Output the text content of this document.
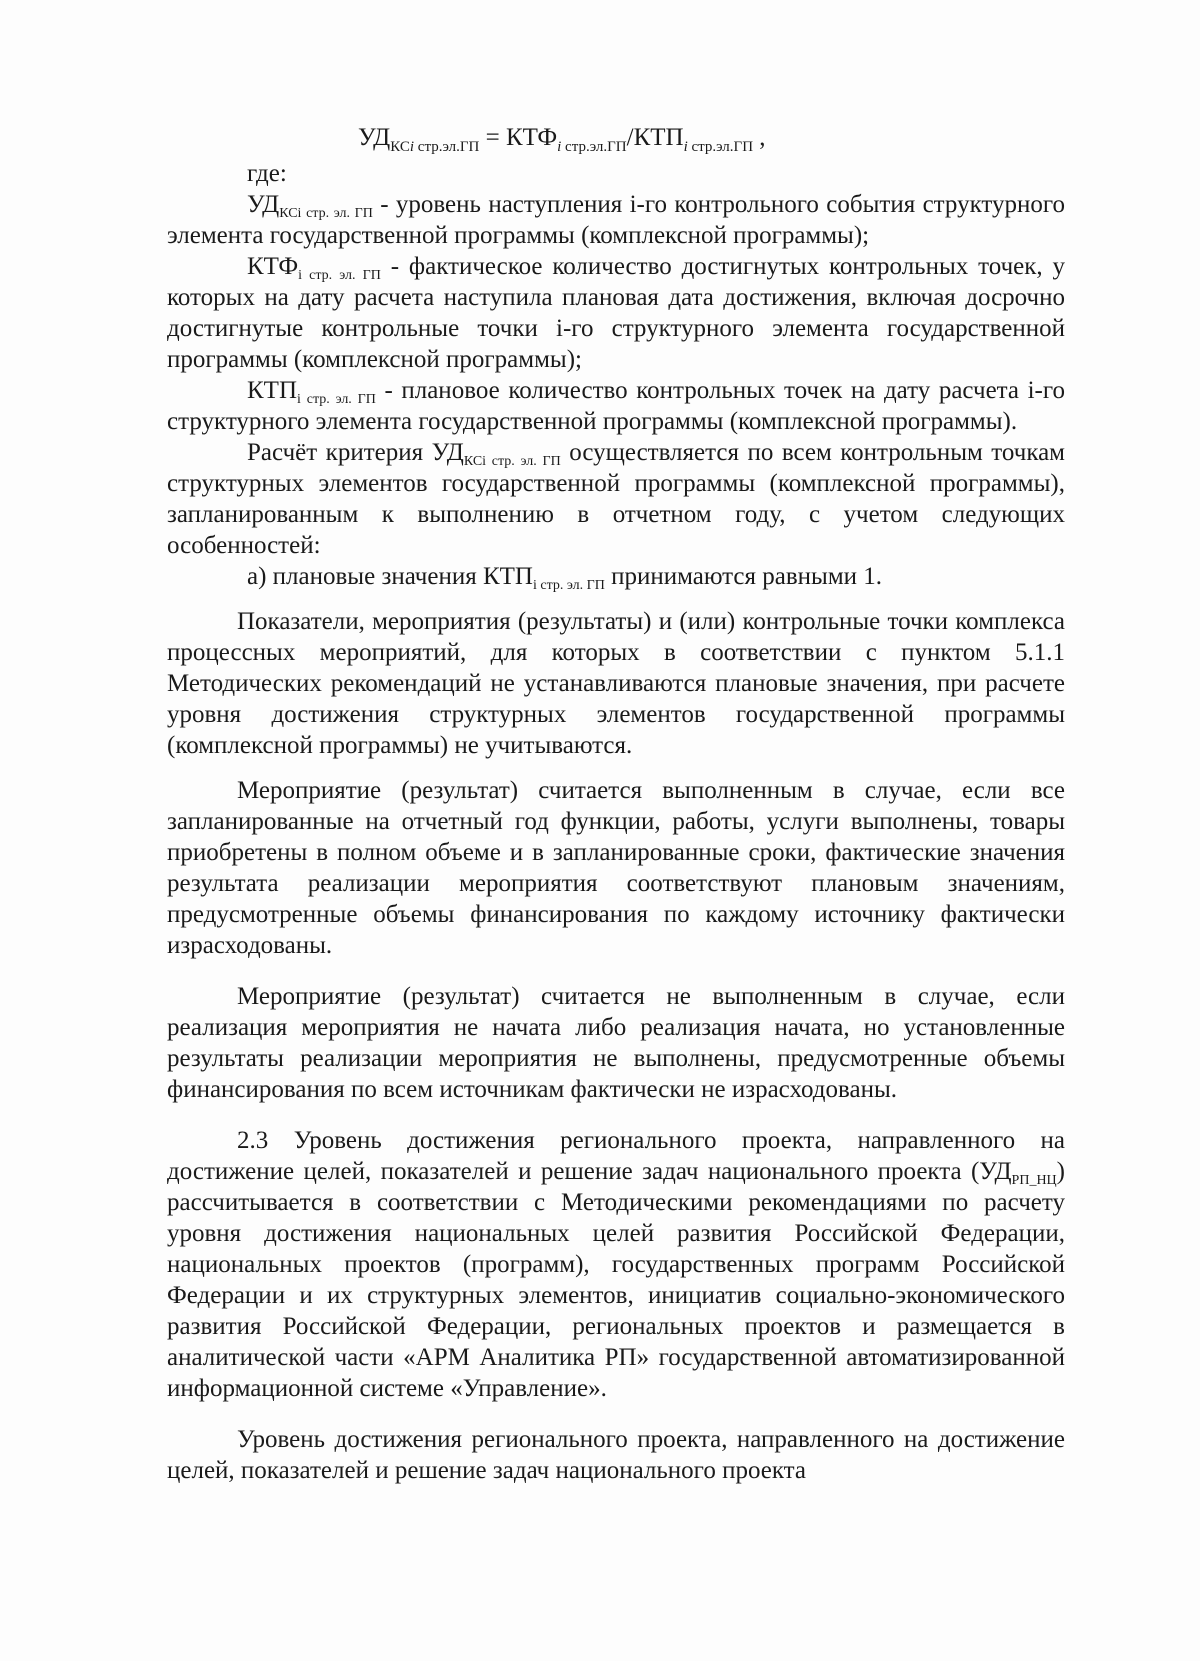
$УД_{КСi стр.эл.ГП} = КТФ_{i стр.эл.ГП}/КТП_{i стр.эл.ГП}$ ,

где:

$УД_{КСi стр. эл. ГП}$ - уровень наступления i-го контрольного события структурного элемента государственной программы (комплексной программы);

$КТФ_{i стр. эл. ГП}$ - фактическое количество достигнутых контрольных точек, у которых на дату расчета наступила плановая дата достижения, включая досрочно достигнутые контрольные точки i-го структурного элемента государственной программы (комплексной программы);

$КТП_{i стр. эл. ГП}$ - плановое количество контрольных точек на дату расчета i-го структурного элемента государственной программы (комплексной программы).

Расчёт критерия $УД_{КСi стр. эл. ГП}$ осуществляется по всем контрольным точкам структурных элементов государственной программы (комплексной программы), запланированным к выполнению в отчетном году, с учетом следующих особенностей:

а) плановые значения $КТП_{i стр. эл. ГП}$ принимаются равными 1.

Показатели, мероприятия (результаты) и (или) контрольные точки комплекса процессных мероприятий, для которых в соответствии с пунктом 5.1.1 Методических рекомендаций не устанавливаются плановые значения, при расчете уровня достижения структурных элементов государственной программы (комплексной программы) не учитываются.

Мероприятие (результат) считается выполненным в случае, если все запланированные на отчетный год функции, работы, услуги выполнены, товары приобретены в полном объеме и в запланированные сроки, фактические значения результата реализации мероприятия соответствуют плановым значениям, предусмотренные объемы финансирования по каждому источнику фактически израсходованы.

Мероприятие (результат) считается не выполненным в случае, если реализация мероприятия не начата либо реализация начата, но установленные результаты реализации мероприятия не выполнены, предусмотренные объемы финансирования по всем источникам фактически не израсходованы.

2.3 Уровень достижения регионального проекта, направленного на достижение целей, показателей и решение задач национального проекта $(УД_{РП\_НЦ})$ рассчитывается в соответствии с Методическими рекомендациями по расчету уровня достижения национальных целей развития Российской Федерации, национальных проектов (программ), государственных программ Российской Федерации и их структурных элементов, инициатив социально-экономического развития Российской Федерации, региональных проектов и размещается в аналитической части «АРМ Аналитика РП» государственной автоматизированной информационной системе «Управление».

Уровень достижения регионального проекта, направленного на достижение целей, показателей и решение задач национального проекта
